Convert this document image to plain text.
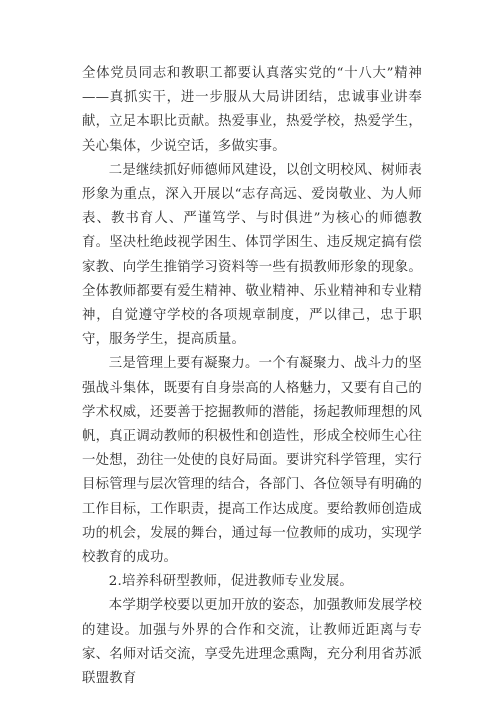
全体党员同志和教职工都要认真落实党的“十八大”精神——真抓实干，进一步服从大局讲团结，忠诚事业讲奉献，立足本职比贡献。热爱事业，热爱学校，热爱学生，关心集体，少说空话，多做实事。

二是继续抓好师德师风建设，以创文明校风、树师表形象为重点，深入开展以“志存高远、爱岗敬业、为人师表、教书育人、严谨笃学、与时俱进”为核心的师德教育。坚决杜绝歧视学困生、体罚学困生、违反规定搞有偿家教、向学生推销学习资料等一些有损教师形象的现象。全体教师都要有爱生精神、敬业精神、乐业精神和专业精神，自觉遵守学校的各项规章制度，严以律己，忠于职守，服务学生，提高质量。

三是管理上要有凝聚力。一个有凝聚力、战斗力的坚强战斗集体，既要有自身崇高的人格魅力，又要有自己的学术权威，还要善于挖掘教师的潜能，扬起教师理想的风帆，真正调动教师的积极性和创造性，形成全校师生心往一处想，劲往一处使的良好局面。要讲究科学管理，实行目标管理与层次管理的结合，各部门、各位领导有明确的工作目标，工作职责，提高工作达成度。要给教师创造成功的机会，发展的舞台，通过每一位教师的成功，实现学校教育的成功。

2.培养科研型教师，促进教师专业发展。

本学期学校要以更加开放的姿态，加强教师发展学校的建设。加强与外界的合作和交流，让教师近距离与专家、名师对话交流，享受先进理念熏陶，充分利用省苏派联盟教育
